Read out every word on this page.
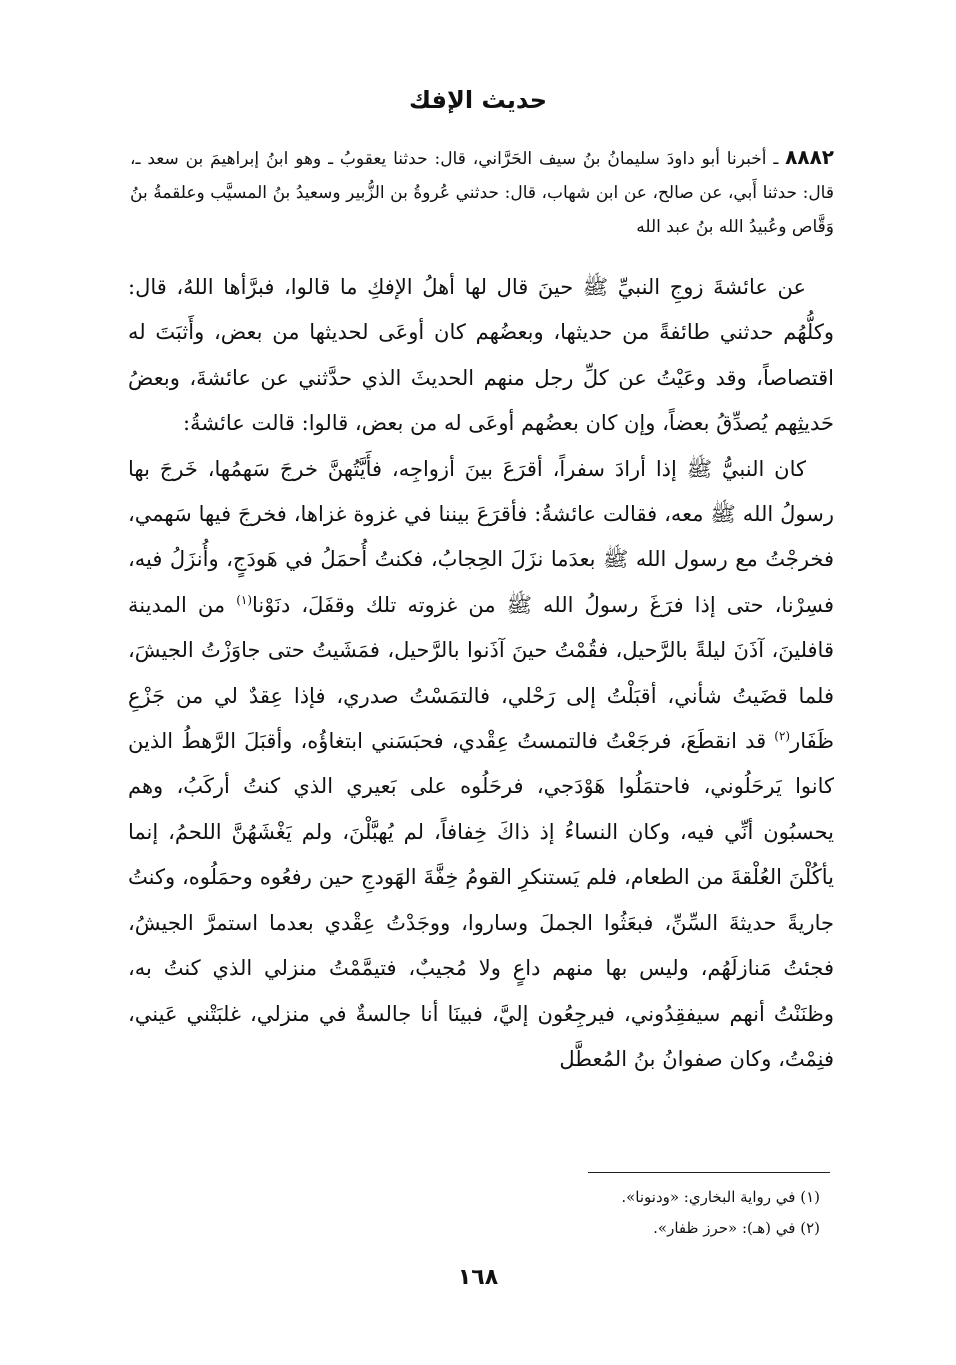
حديث الإفك
٨٨٨٢ ـ أخبرنا أبو داودَ سليمانُ بنُ سيف الحَرَّاني، قال: حدثنا يعقوبُ ـ وهو ابنُ إبراهيمَ بن سعد ـ، قال: حدثنا أَبي، عن صالح، عن ابن شهاب، قال: حدثني عُروةُ بن الزُّبير وسعيدُ بنُ المسيَّب وعلقمةُ بنُ وَقَّاص وعُبيدُ الله بنُ عبد الله

عن عائشةَ زوجِ النبيِّ ﷺ حينَ قال لها أهلُ الإفكِ ما قالوا، فبرَّأها اللهُ، قال: وكلُّهُم حدثني طائفةً من حديثها، وبعضُهم كان أوعَى لحديثها من بعض، وأَثبَتَ له اقتصاصاً، وقد وعَيْتُ عن كلِّ رجل منهم الحديثَ الذي حدَّثني عن عائشةَ، وبعضُ حَديثِهم يُصدِّقُ بعضاً، وإن كان بعضُهم أوعَى له من بعض، قالوا: قالت عائشةُ:

كان النبيُّ ﷺ إذا أرادَ سفراً، أقرَعَ بينَ أزواجِه، فأَيَّتُهنَّ خرجَ سَهمُها، خَرجَ بها رسولُ الله ﷺ معه، فقالت عائشةُ: فأقرَعَ بيننا في غزوة غزاها، فخرجَ فيها سَهمي، فخرجْتُ مع رسول الله ﷺ بعدَما نزَلَ الحِجابُ، فكنتُ أُحمَلُ في هَودَجٍ، وأُنزَلُ فيه، فسِرْنا، حتى إذا فرَغَ رسولُ الله ﷺ من غزوته تلك وقفَلَ، دنَوْنا$^{(١)}$ من المدينة قافلينَ، آذَنَ ليلةً بالرَّحيل، فقُمْتُ حينَ آذَنوا بالرَّحيل، فمَشَيتُ حتى جاوَزْتُ الجيشَ، فلما قضَيتُ شأني، أقبَلْتُ إلى رَحْلي، فالتمَسْتُ صدري، فإذا عِقدٌ لي من جَزْعِ ظَفَار$^{(٢)}$ قد انقطَعَ، فرجَعْتُ فالتمستُ عِقْدي، فحبَسَني ابتغاؤُه، وأقبَلَ الرَّهطُ الذين كانوا يَرحَلُوني، فاحتمَلُوا هَوْدَجي، فرحَلُوه على بَعيري الذي كنتُ أركَبُ، وهم يحسبُون أنِّي فيه، وكان النساءُ إذ ذاكَ خِفافاً، لم يُهبَّلْنَ، ولم يَغْشَهُنَّ اللحمُ، إنما يأكُلْنَ العُلْقةَ من الطعام، فلم يَستنكرِ القومُ خِفَّةَ الهَودجِ حين رفعُوه وحمَلُوه، وكنتُ جاريةً حديثةَ السِّنِّ، فبعَثُوا الجملَ وساروا، ووجَدْتُ عِقْدي بعدما استمرَّ الجيشُ، فجئتُ مَنازلَهُم، وليس بها منهم داعٍ ولا مُجيبٌ، فتيمَّمْتُ منزلي الذي كنتُ به، وظنَنْتُ أنهم سيفقِدُوني، فيرجِعُون إليَّ، فبينَا أنا جالسةٌ في منزلي، غلبَتْني عَيني، فنِمْتُ، وكان صفوانُ بنُ المُعطَّل

(١) في رواية البخاري: «ودنونا».
(٢) في (هـ): «حرز ظفار».
١٦٨
